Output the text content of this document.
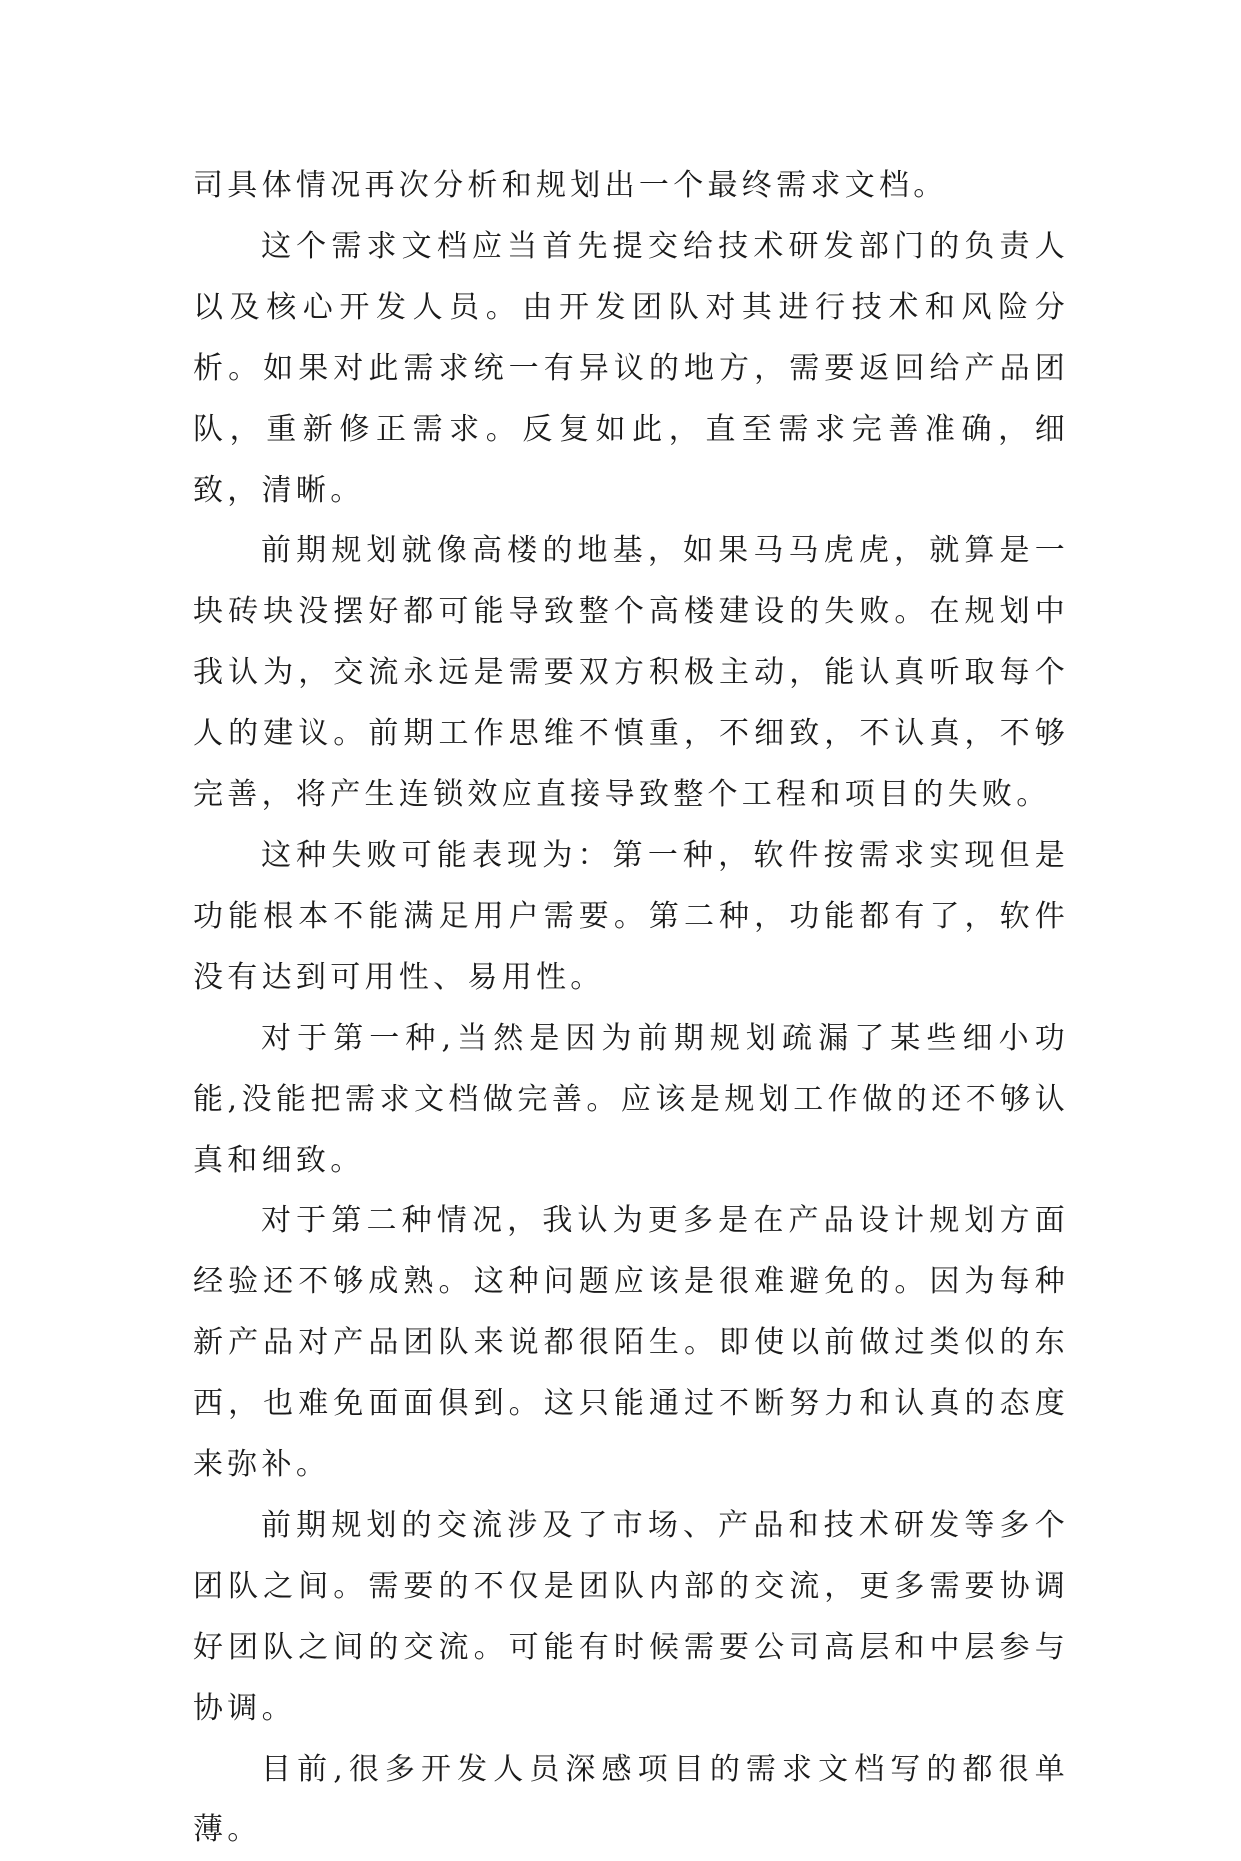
司具体情况再次分析和规划出一个最终需求文档。

这个需求文档应当首先提交给技术研发部门的负责人以及核心开发人员。由开发团队对其进行技术和风险分析。如果对此需求统一有异议的地方，需要返回给产品团队，重新修正需求。反复如此，直至需求完善准确，细致，清晰。

前期规划就像高楼的地基，如果马马虎虎，就算是一块砖块没摆好都可能导致整个高楼建设的失败。在规划中我认为，交流永远是需要双方积极主动，能认真听取每个人的建议。前期工作思维不慎重，不细致，不认真，不够完善，将产生连锁效应直接导致整个工程和项目的失败。

这种失败可能表现为：第一种，软件按需求实现但是功能根本不能满足用户需要。第二种，功能都有了，软件没有达到可用性、易用性。

对于第一种,当然是因为前期规划疏漏了某些细小功能,没能把需求文档做完善。应该是规划工作做的还不够认真和细致。

对于第二种情况，我认为更多是在产品设计规划方面经验还不够成熟。这种问题应该是很难避免的。因为每种新产品对产品团队来说都很陌生。即使以前做过类似的东西，也难免面面俱到。这只能通过不断努力和认真的态度来弥补。

前期规划的交流涉及了市场、产品和技术研发等多个团队之间。需要的不仅是团队内部的交流，更多需要协调好团队之间的交流。可能有时候需要公司高层和中层参与协调。

目前,很多开发人员深感项目的需求文档写的都很单薄。
